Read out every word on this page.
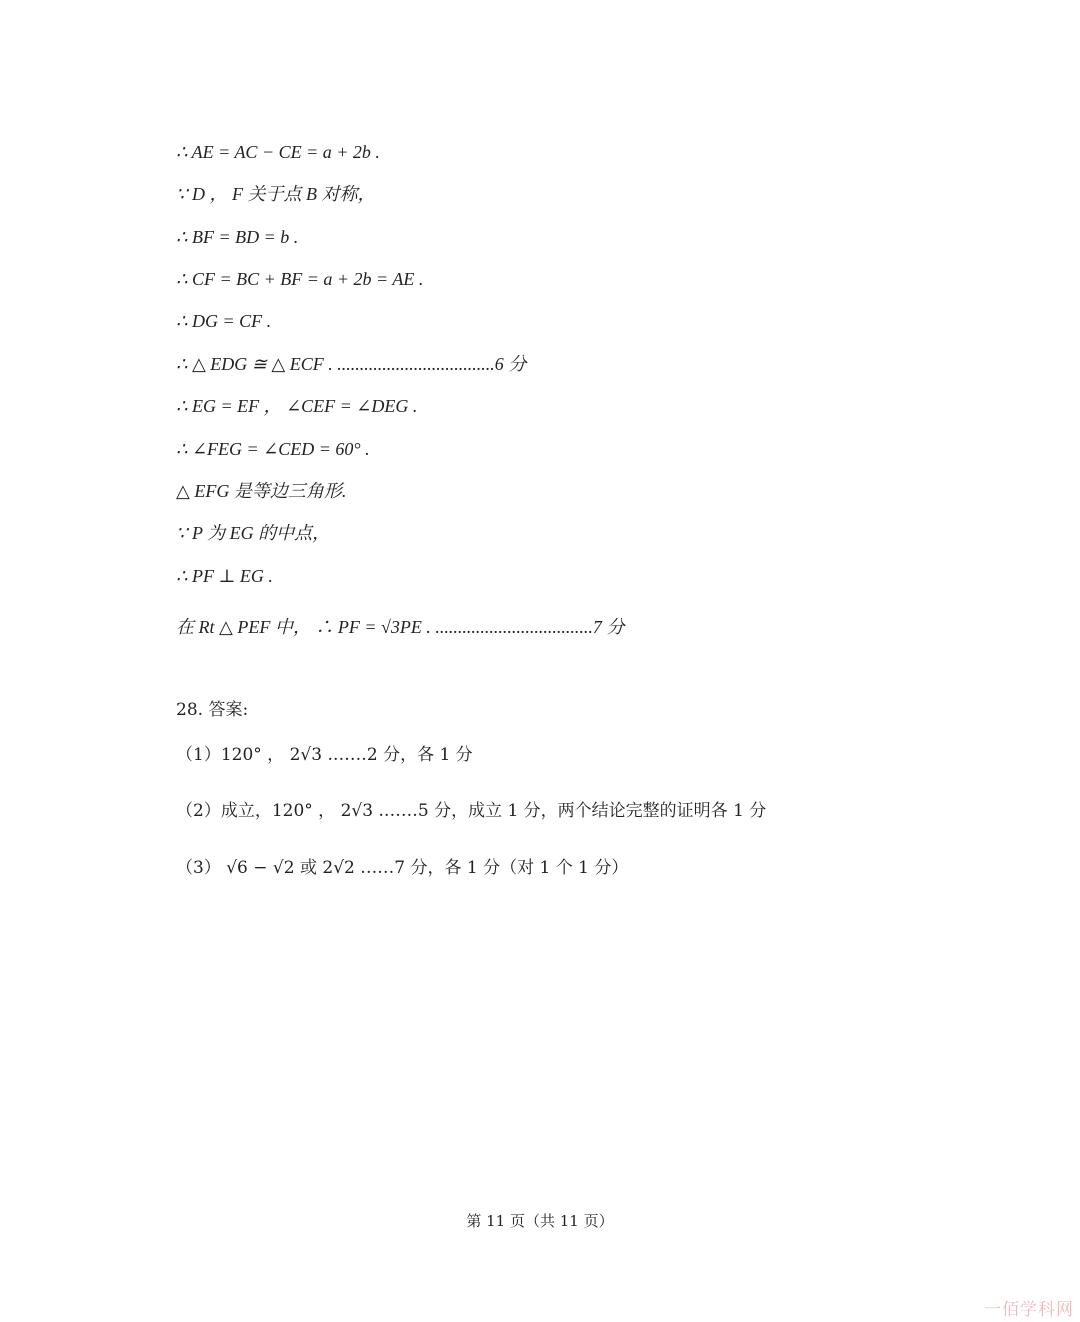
∴ AE = AC − CE = a + 2b .
∵ D ， F 关于点 B 对称，
∴ BF = BD = b .
∴ CF = BC + BF = a + 2b = AE .
∴ DG = CF .
∴ △ EDG ≅ △ ECF . ...................................6 分
∴ EG = EF ， ∠CEF = ∠DEG .
∴ ∠FEG = ∠CED = 60° .
△ EFG 是等边三角形.
∵ P 为 EG 的中点，
∴ PF ⊥ EG .
在 Rt △ PEF 中， ∴ PF = √3PE . ...................................7 分
28. 答案:
（1）120° ， 2√3 .……2 分，各 1 分
（2）成立，120° ， 2√3 .……5 分，成立 1 分，两个结论完整的证明各 1 分
（3） √6 − √2 或 2√2 ……7 分，各 1 分（对 1 个 1 分）
第 11 页（共 11 页）
一佰学科网
